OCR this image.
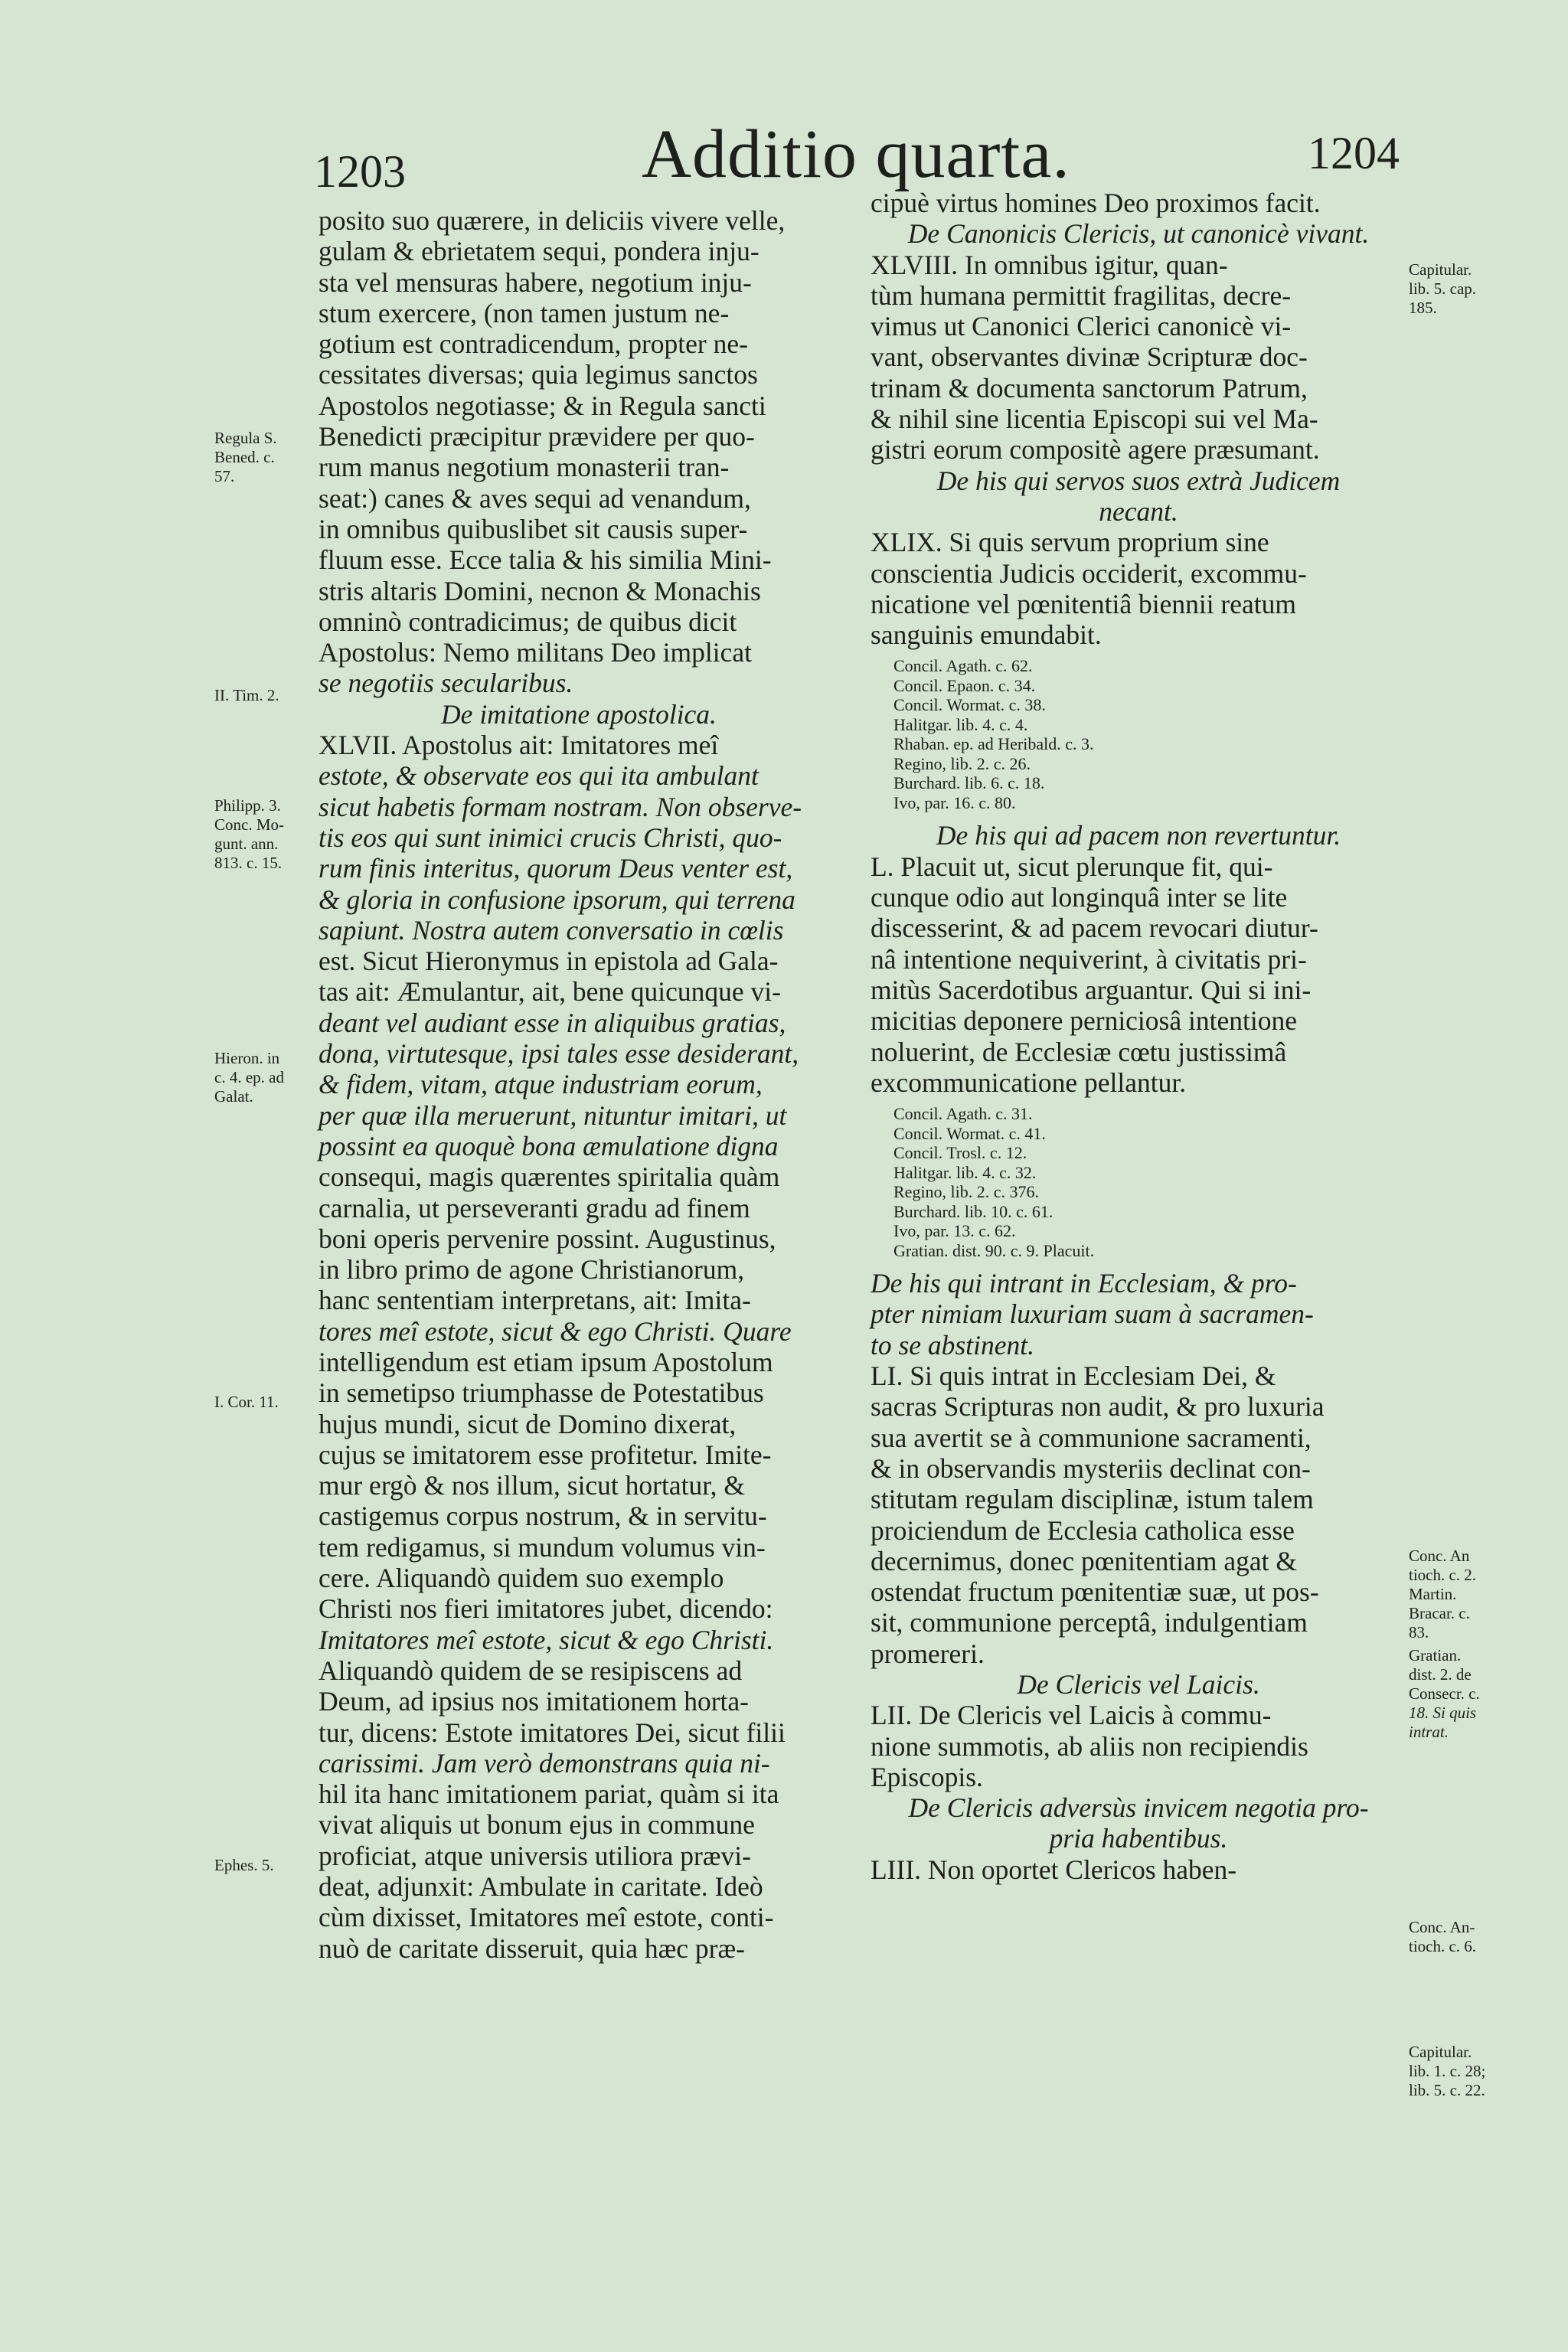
1203	Additio quarta.	1204
posito suo quærere, in deliciis vivere velle,
gulam & ebrietatem sequi, pondera inju-
sta vel mensuras habere, negotium inju-
stum exercere, (non tamen justum ne-
gotium est contradicendum, propter ne-
cessitates diversas; quia legimus sanctos
Apostolos negotiasse; & in Regula sancti
Benedicti præcipitur prævidere per quo-
rum manus negotium monasterii tran-
seat:) canes & aves sequi ad venandum,
in omnibus quibuslibet sit causis super-
fluum esse. Ecce talia & his similia Mini-
stris altaris Domini, necnon & Monachis
omninò contradicimus; de quibus dicit
Apostolus: Nemo militans Deo implicat
se negotiis secularibus.
De imitatione apostolica.
XLVII. Apostolus ait: Imitatores meî
estote, & observate eos qui ita ambulant
sicut habetis formam nostram. Non observe-
tis eos qui sunt inimici crucis Christi, quo-
rum finis interitus, quorum Deus venter est,
& gloria in confusione ipsorum, qui terrena
sapiunt. Nostra autem conversatio in cœlis
est. Sicut Hieronymus in epistola ad Gala-
tas ait: Æmulantur, ait, bene quicunque vi-
deant vel audiant esse in aliquibus gratias,
dona, virtutesque, ipsi tales esse desiderant,
& fidem, vitam, atque industriam eorum,
per quæ illa meruerunt, nituntur imitari, ut
possint ea quoquè bona æmulatione digna
consequi, magis quærentes spiritalia quàm
carnalia, ut perseveranti gradu ad finem
boni operis pervenire possint. Augustinus,
in libro primo de agone Christianorum,
hanc sententiam interpretans, ait: Imita-
tores meî estote, sicut & ego Christi. Quare
intelligendum est etiam ipsum Apostolum
in semetipso triumphasse de Potestatibus
hujus mundi, sicut de Domino dixerat,
cujus se imitatorem esse profitetur. Imite-
mur ergò & nos illum, sicut hortatur, &
castigemus corpus nostrum, & in servitu-
tem redigamus, si mundum volumus vin-
cere. Aliquandò quidem suo exemplo
Christi nos fieri imitatores jubet, dicendo:
Imitatores meî estote, sicut & ego Christi.
Aliquandò quidem de se resipiscens ad
Deum, ad ipsius nos imitationem horta-
tur, dicens: Estote imitatores Dei, sicut filii
carissimi. Jam verò demonstrans quia ni-
hil ita hanc imitationem pariat, quàm si ita
vivat aliquis ut bonum ejus in commune
proficiat, atque universis utiliora prævi-
deat, adjunxit: Ambulate in caritate. Ideò
cùm dixisset, Imitatores meî estote, conti-
nuò de caritate disseruit, quia hæc præ-
cipuè virtus homines Deo proximos facit.
De Canonicis Clericis, ut canonicè vivant.
XLVIII. In omnibus igitur, quan-
tùm humana permittit fragilitas, decre-
vimus ut Canonici Clerici canonicè vi-
vant, observantes divinæ Scripturæ doc-
trinam & documenta sanctorum Patrum,
& nihil sine licentia Episcopi sui vel Ma-
gistri eorum compositè agere præsumant.
De his qui servos suos extrà Judicem
necant.
XLIX. Si quis servum proprium sine
conscientia Judicis occiderit, excommu-
nicatione vel pœnitentiâ biennii reatum
sanguinis emundabit.
Concil. Agath. c. 62.
Concil. Epaon. c. 34.
Concil. Wormat. c. 38.
Halitgar. lib. 4. c. 4.
Rhaban. ep. ad Heribald. c. 3.
Regino, lib. 2. c. 26.
Burchard. lib. 6. c. 18.
Ivo, par. 16. c. 80.
De his qui ad pacem non revertuntur.
L. Placuit ut, sicut plerunque fit, qui-
cunque odio aut longinquâ inter se lite
discesserint, & ad pacem revocari diutur-
nâ intentione nequiverint, à civitatis pri-
mitùs Sacerdotibus arguantur. Qui si ini-
micitias deponere perniciosâ intentione
noluerint, de Ecclesiæ cœtu justissimâ
excommunicatione pellantur.
Concil. Agath. c. 31.
Concil. Wormat. c. 41.
Concil. Trosl. c. 12.
Halitgar. lib. 4. c. 32.
Regino, lib. 2. c. 376.
Burchard. lib. 10. c. 61.
Ivo, par. 13. c. 62.
Gratian. dist. 90. c. 9. Placuit.
De his qui intrant in Ecclesiam, & pro-
pter nimiam luxuriam suam à sacramen-
to se abstinent.
LI. Si quis intrat in Ecclesiam Dei, &
sacras Scripturas non audit, & pro luxuria
sua avertit se à communione sacramenti,
& in observandis mysteriis declinat con-
stitutam regulam disciplinæ, istum talem
proiciendum de Ecclesia catholica esse
decernimus, donec pœnitentiam agat &
ostendat fructum pœnitentiæ suæ, ut pos-
sit, communione perceptâ, indulgentiam
promereri.
De Clericis vel Laicis.
LII. De Clericis vel Laicis à commu-
nione summotis, ab aliis non recipiendis
Episcopis.
De Clericis adversùs invicem negotia pro-
pria habentibus.
LIII. Non oportet Clericos haben-
Regula S.
Bened. c.
57.
II. Tim. 2.
Philipp. 3.
Conc. Mo-
gunt. ann.
813. c. 15.
Hieron. in
c. 4. ep. ad
Galat.
I. Cor. 11.
Ephes. 5.
Capitular.
lib. 5. cap.
185.
Conc. An
tioch. c. 2.
Martin.
Bracar. c.
83.
Gratian.
dist. 2. de
Consecr. c.
18. Si quis
intrat.
Conc. An-
tioch. c. 6.
Capitular.
lib. 1. c. 28;
lib. 5. c. 22.
